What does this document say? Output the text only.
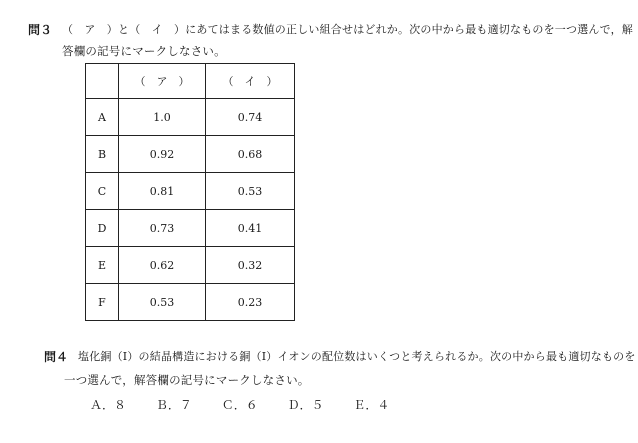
問３ （　ア　）と（　イ　）にあてはまる数値の正しい組合せはどれか。次の中から最も適切なものを一つ選んで，解
答欄の記号にマークしなさい。
	（　ア　）	（　イ　）
A	1.0	0.74
B	0.92	0.68
C	0.81	0.53
D	0.73	0.41
E	0.62	0.32
F	0.53	0.23
問４ 塩化銅（Ⅰ）の結晶構造における銅（Ⅰ）イオンの配位数はいくつと考えられるか。次の中から最も適切なものを
一つ選んで，解答欄の記号にマークしなさい。
Ａ．８ Ｂ．７ Ｃ．６ Ｄ．５ Ｅ．４
